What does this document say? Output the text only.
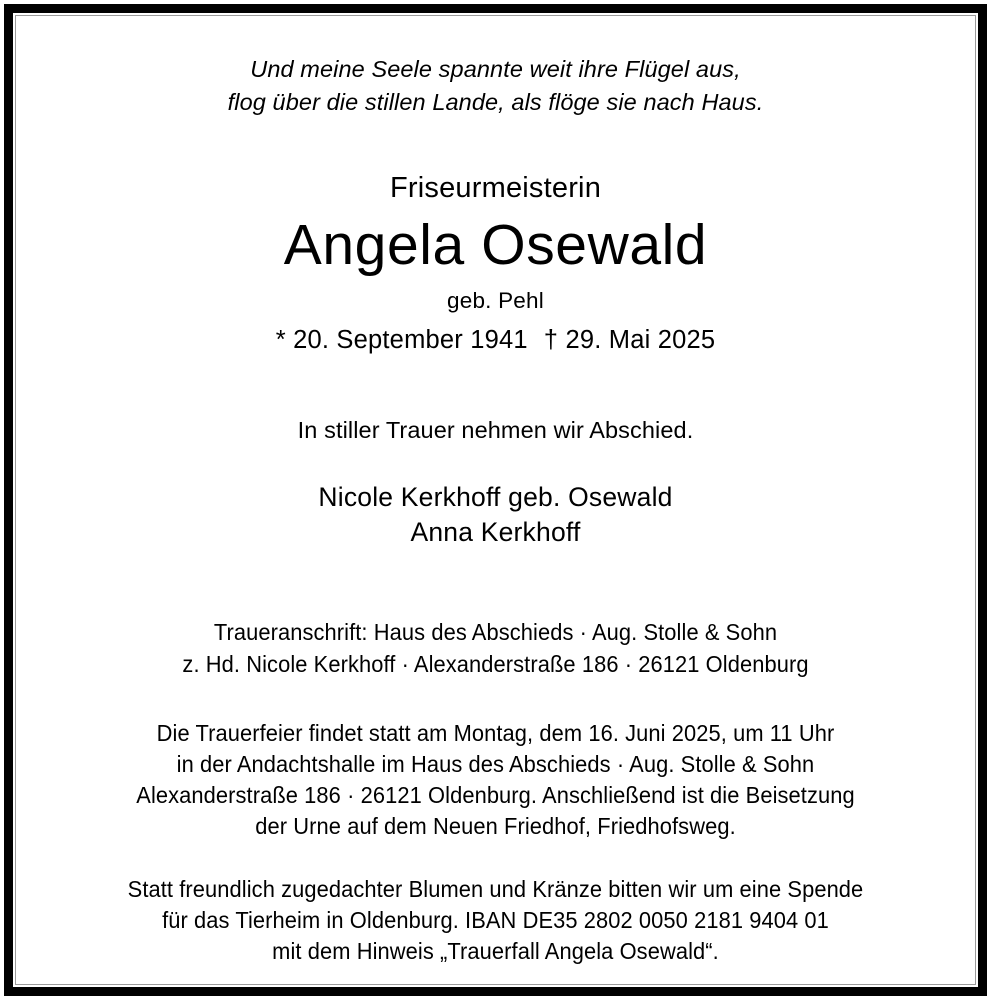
Und meine Seele spannte weit ihre Flügel aus,
flog über die stillen Lande, als flöge sie nach Haus.
Friseurmeisterin
Angela Osewald
geb. Pehl
* 20. September 1941 † 29. Mai 2025
In stiller Trauer nehmen wir Abschied.
Nicole Kerkhoff geb. Osewald
Anna Kerkhoff
Traueranschrift: Haus des Abschieds · Aug. Stolle & Sohn
z. Hd. Nicole Kerkhoff · Alexanderstraße 186 · 26121 Oldenburg
Die Trauerfeier findet statt am Montag, dem 16. Juni 2025, um 11 Uhr
in der Andachtshalle im Haus des Abschieds · Aug. Stolle & Sohn
Alexanderstraße 186 · 26121 Oldenburg. Anschließend ist die Beisetzung
der Urne auf dem Neuen Friedhof, Friedhofsweg.
Statt freundlich zugedachter Blumen und Kränze bitten wir um eine Spende
für das Tierheim in Oldenburg. IBAN DE35 2802 0050 2181 9404 01
mit dem Hinweis „Trauerfall Angela Osewald“.
